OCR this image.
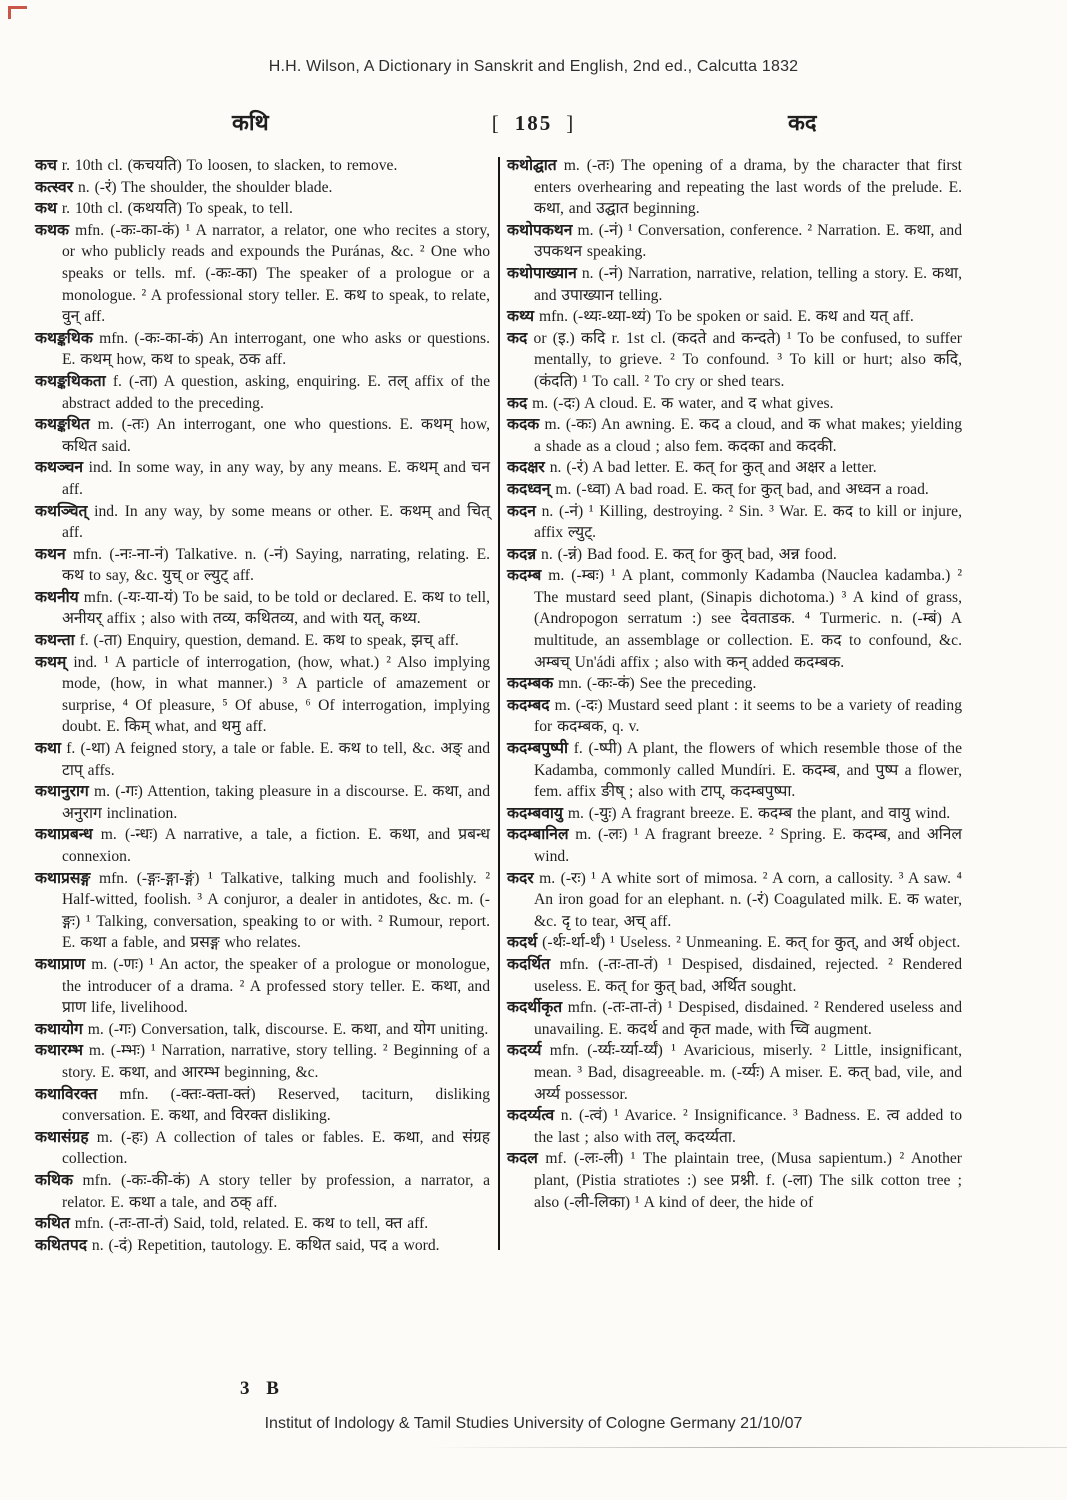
H.H. Wilson, A Dictionary in Sanskrit and English, 2nd ed., Calcutta 1832
कथि	[ 185 ]	कद
कच r. 10th cl. (कचयति) To loosen, to slacken, to remove.
कत्स्वर n. (-रं) The shoulder, the shoulder blade.
कथ r. 10th cl. (कथयति) To speak, to tell.
कथक mfn. (-कः-का-कं) ¹ A narrator, a relator, one who recites a story, or who publicly reads and expounds the Puránas, &c. ² One who speaks or tells. mf. (-कः-का) The speaker of a prologue or a monologue. ² A professional story teller. E. कथ to speak, to relate, वुन् aff.
कथङ्कथिक mfn. (-कः-का-कं) An interrogant, one who asks or questions. E. कथम् how, कथ to speak, ठक aff.
कथङ्कथिकता f. (-ता) A question, asking, enquiring. E. तल् affix of the abstract added to the preceding.
कथङ्कथित m. (-तः) An interrogant, one who questions. E. कथम् how, कथित said.
कथञ्चन ind. In some way, in any way, by any means. E. कथम् and चन aff.
कथञ्चित् ind. In any way, by some means or other. E. कथम् and चित् aff.
कथन mfn. (-नः-ना-नं) Talkative. n. (-नं) Saying, narrating, relating. E. कथ to say, &c. युच् or ल्युट् aff.
कथनीय mfn. (-यः-या-यं) To be said, to be told or declared. E. कथ to tell, अनीयर् affix ; also with तव्य, कथितव्य, and with यत्, कथ्य.
कथन्ता f. (-ता) Enquiry, question, demand. E. कथ to speak, झच् aff.
कथम् ind. ¹ A particle of interrogation, (how, what.) ² Also implying mode, (how, in what manner.) ³ A particle of amazement or surprise, ⁴ Of pleasure, ⁵ Of abuse, ⁶ Of interrogation, implying doubt. E. किम् what, and थमु aff.
कथा f. (-था) A feigned story, a tale or fable. E. कथ to tell, &c. अङ् and टाप् affs.
कथानुराग m. (-गः) Attention, taking pleasure in a discourse. E. कथा, and अनुराग inclination.
कथाप्रबन्ध m. (-न्धः) A narrative, a tale, a fiction. E. कथा, and प्रबन्ध connexion.
कथाप्रसङ्ग mfn. (-ङ्गः-ङ्गा-ङ्गं) ¹ Talkative, talking much and foolishly. ² Half-witted, foolish. ³ A conjuror, a dealer in antidotes, &c. m. (-ङ्गः) ¹ Talking, conversation, speaking to or with. ² Rumour, report. E. कथा a fable, and प्रसङ्ग who relates.
कथाप्राण m. (-णः) ¹ An actor, the speaker of a prologue or monologue, the introducer of a drama. ² A professed story teller. E. कथा, and प्राण life, livelihood.
कथायोग m. (-गः) Conversation, talk, discourse. E. कथा, and योग uniting.
कथारम्भ m. (-म्भः) ¹ Narration, narrative, story telling. ² Beginning of a story. E. कथा, and आरम्भ beginning, &c.
कथाविरक्त mfn. (-क्तः-क्ता-क्तं) Reserved, taciturn, disliking conversation. E. कथा, and विरक्त disliking.
कथासंग्रह m. (-हः) A collection of tales or fables. E. कथा, and संग्रह collection.
कथिक mfn. (-कः-की-कं) A story teller by profession, a narrator, a relator. E. कथा a tale, and ठक् aff.
कथित mfn. (-तः-ता-तं) Said, told, related. E. कथ to tell, क्त aff.
कथितपद n. (-दं) Repetition, tautology. E. कथित said, पद a word.
कथोद्घात m. (-तः) The opening of a drama, by the character that first enters overhearing and repeating the last words of the prelude. E. कथा, and उद्घात beginning.
कथोपकथन m. (-नं) ¹ Conversation, conference. ² Narration. E. कथा, and उपकथन speaking.
कथोपाख्यान n. (-नं) Narration, narrative, relation, telling a story. E. कथा, and उपाख्यान telling.
कथ्य mfn. (-थ्यः-थ्या-थ्यं) To be spoken or said. E. कथ and यत् aff.
कद or (इ.) कदि r. 1st cl. (कदते and कन्दते) ¹ To be confused, to suffer mentally, to grieve. ² To confound. ³ To kill or hurt; also कदि, (कंदति) ¹ To call. ² To cry or shed tears.
कद m. (-दः) A cloud. E. क water, and द what gives.
कदक m. (-कः) An awning. E. कद a cloud, and क what makes; yielding a shade as a cloud ; also fem. कदका and कदकी.
कदक्षर n. (-रं) A bad letter. E. कत् for कुत् and अक्षर a letter.
कदध्वन् m. (-ध्वा) A bad road. E. कत् for कुत् bad, and अध्वन a road.
कदन n. (-नं) ¹ Killing, destroying. ² Sin. ³ War. E. कद to kill or injure, affix ल्युट्.
कदन्न n. (-न्नं) Bad food. E. कत् for कुत् bad, अन्न food.
कदम्ब m. (-म्बः) ¹ A plant, commonly Kadamba (Nauclea kadamba.) ² The mustard seed plant, (Sinapis dichotoma.) ³ A kind of grass, (Andropogon serratum :) see देवताडक. ⁴ Turmeric. n. (-म्बं) A multitude, an assemblage or collection. E. कद to confound, &c. अम्बच् Un'ádi affix ; also with कन् added कदम्बक.
कदम्बक mn. (-कः-कं) See the preceding.
कदम्बद m. (-दः) Mustard seed plant : it seems to be a variety of reading for कदम्बक, q. v.
कदम्बपुष्पी f. (-ष्पी) A plant, the flowers of which resemble those of the Kadamba, commonly called Mundíri. E. कदम्ब, and पुष्प a flower, fem. affix ङीष् ; also with टाप्, कदम्बपुष्पा.
कदम्बवायु m. (-युः) A fragrant breeze. E. कदम्ब the plant, and वायु wind.
कदम्बानिल m. (-लः) ¹ A fragrant breeze. ² Spring. E. कदम्ब, and अनिल wind.
कदर m. (-रः) ¹ A white sort of mimosa. ² A corn, a callosity. ³ A saw. ⁴ An iron goad for an elephant. n. (-रं) Coagulated milk. E. क water, &c. दृ to tear, अच् aff.
कदर्थ (-र्थः-र्था-र्थं) ¹ Useless. ² Unmeaning. E. कत् for कुत्, and अर्थ object.
कदर्थित mfn. (-तः-ता-तं) ¹ Despised, disdained, rejected. ² Rendered useless. E. कत् for कुत् bad, अर्थित sought.
कदर्थीकृत mfn. (-तः-ता-तं) ¹ Despised, disdained. ² Rendered useless and unavailing. E. कदर्थ and कृत made, with च्वि augment.
कदर्य्य mfn. (-र्य्यः-र्य्या-र्य्यं) ¹ Avaricious, miserly. ² Little, insignificant, mean. ³ Bad, disagreeable. m. (-र्य्यः) A miser. E. कत् bad, vile, and अर्य्य possessor.
कदर्य्यत्व n. (-त्वं) ¹ Avarice. ² Insignificance. ³ Badness. E. त्व added to the last ; also with तल्, कदर्य्यता.
कदल mf. (-लः-ली) ¹ The plaintain tree, (Musa sapientum.) ² Another plant, (Pistia stratiotes :) see प्रश्नी. f. (-ला) The silk cotton tree ; also (-ली-लिका) ¹ A kind of deer, the hide of
3 B
Institut of Indology & Tamil Studies University of Cologne Germany 21/10/07
